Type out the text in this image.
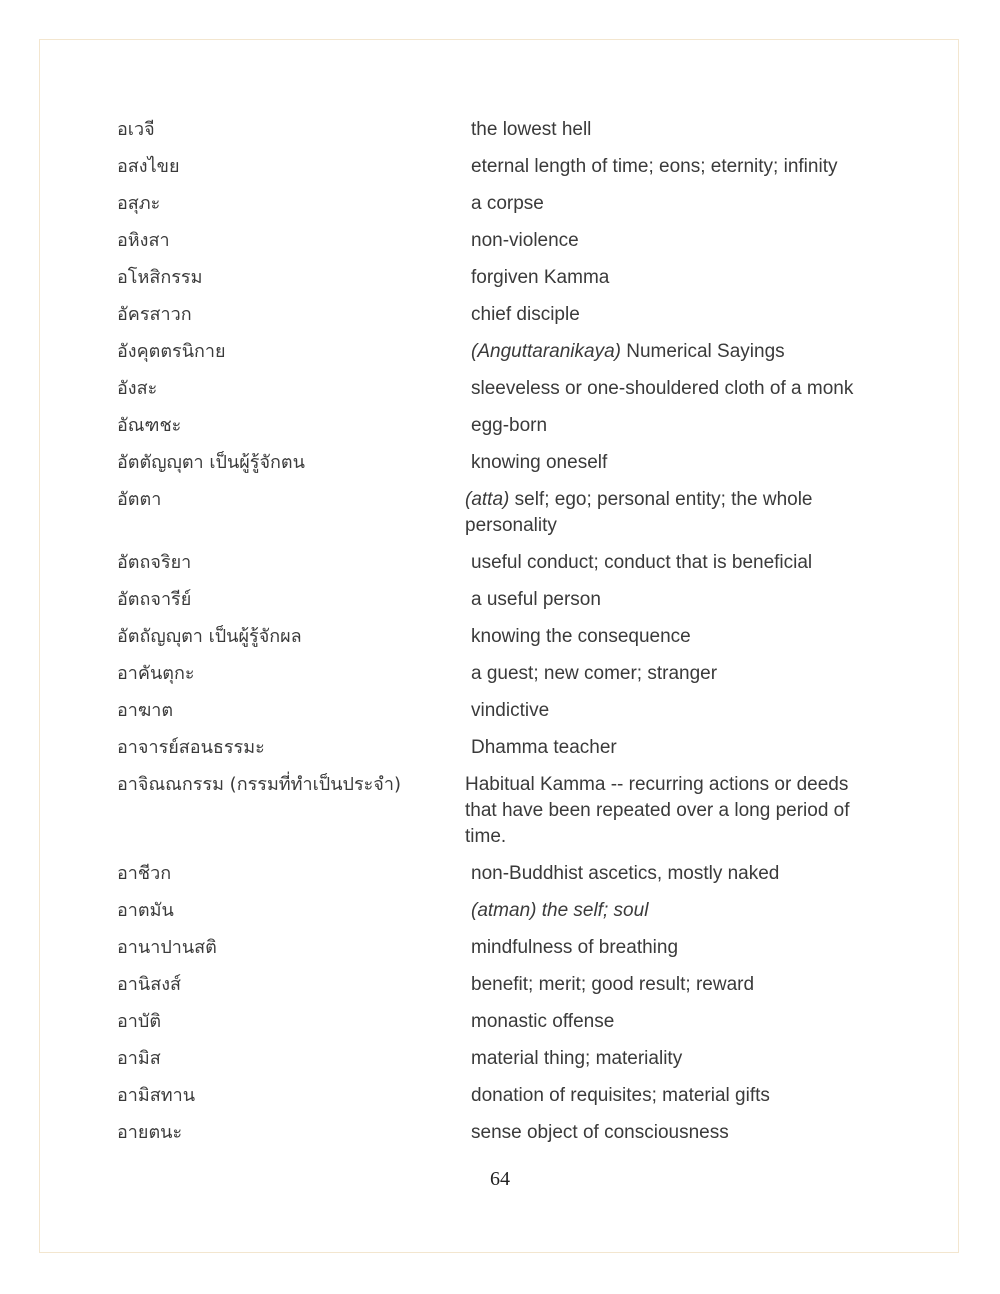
อเวจี	the lowest hell
อสงไขย	eternal length of time; eons; eternity; infinity
อสุภะ	a corpse
อหิงสา	non-violence
อโหสิกรรม	forgiven Kamma
อัครสาวก	chief disciple
อังคุตตรนิกาย	(Anguttaranikaya) Numerical Sayings
อังสะ	sleeveless or one-shouldered cloth of a monk
อัณฑชะ	egg-born
อัตตัญญุตา เป็นผู้รู้จักตน	knowing oneself
อัตตา	(atta) self; ego; personal entity; the whole personality
อัตถจริยา	useful conduct; conduct that is beneficial
อัตถจารีย์	a useful person
อัตถัญญุตา เป็นผู้รู้จักผล	knowing the consequence
อาคันตุกะ	a guest; new comer; stranger
อาฆาต	vindictive
อาจารย์สอนธรรมะ	Dhamma teacher
อาจิณณกรรม (กรรมที่ทำเป็นประจำ)	Habitual Kamma -- recurring actions or deeds that have been repeated over a long period of time.
อาชีวก	non-Buddhist ascetics, mostly naked
อาตมัน	(atman) the self; soul
อานาปานสติ	mindfulness of breathing
อานิสงส์	benefit; merit; good result; reward
อาบัติ	monastic offense
อามิส	material thing; materiality
อามิสทาน	donation of requisites; material gifts
อายตนะ	sense object of consciousness
64
